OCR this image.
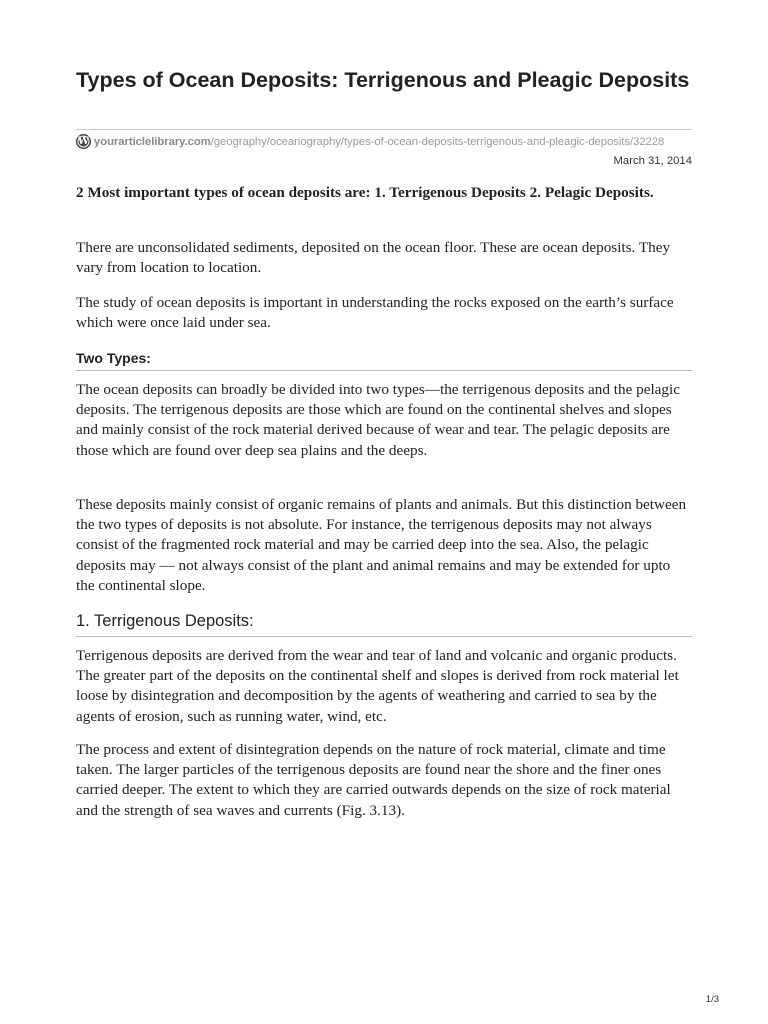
Types of Ocean Deposits: Terrigenous and Pleagic Deposits
W yourarticlelibrary.com/geography/oceanography/types-of-ocean-deposits-terrigenous-and-pleagic-deposits/32228
March 31, 2014

2 Most important types of ocean deposits are: 1. Terrigenous Deposits 2. Pelagic Deposits.

There are unconsolidated sediments, deposited on the ocean floor. These are ocean deposits. They vary from location to location.

The study of ocean deposits is important in understanding the rocks exposed on the earth’s surface which were once laid under sea.

Two Types:

The ocean deposits can broadly be divided into two types—the terrigenous deposits and the pelagic deposits. The terrigenous deposits are those which are found on the continental shelves and slopes and mainly consist of the rock material derived because of wear and tear. The pelagic deposits are those which are found over deep sea plains and the deeps.

These deposits mainly consist of organic remains of plants and animals. But this distinction between the two types of deposits is not absolute. For instance, the terrigenous deposits may not always consist of the fragmented rock material and may be carried deep into the sea. Also, the pelagic deposits may — not always consist of the plant and animal remains and may be extended for upto the continental slope.

1. Terrigenous Deposits:

Terrigenous deposits are derived from the wear and tear of land and volcanic and organic products. The greater part of the deposits on the continental shelf and slopes is derived from rock material let loose by disintegration and decomposition by the agents of weathering and carried to sea by the agents of erosion, such as running water, wind, etc.

The process and extent of disintegration depends on the nature of rock material, climate and time taken. The larger particles of the terrigenous deposits are found near the shore and the finer ones carried deeper. The extent to which they are carried outwards depends on the size of rock material and the strength of sea waves and currents (Fig. 3.13).

1/3
